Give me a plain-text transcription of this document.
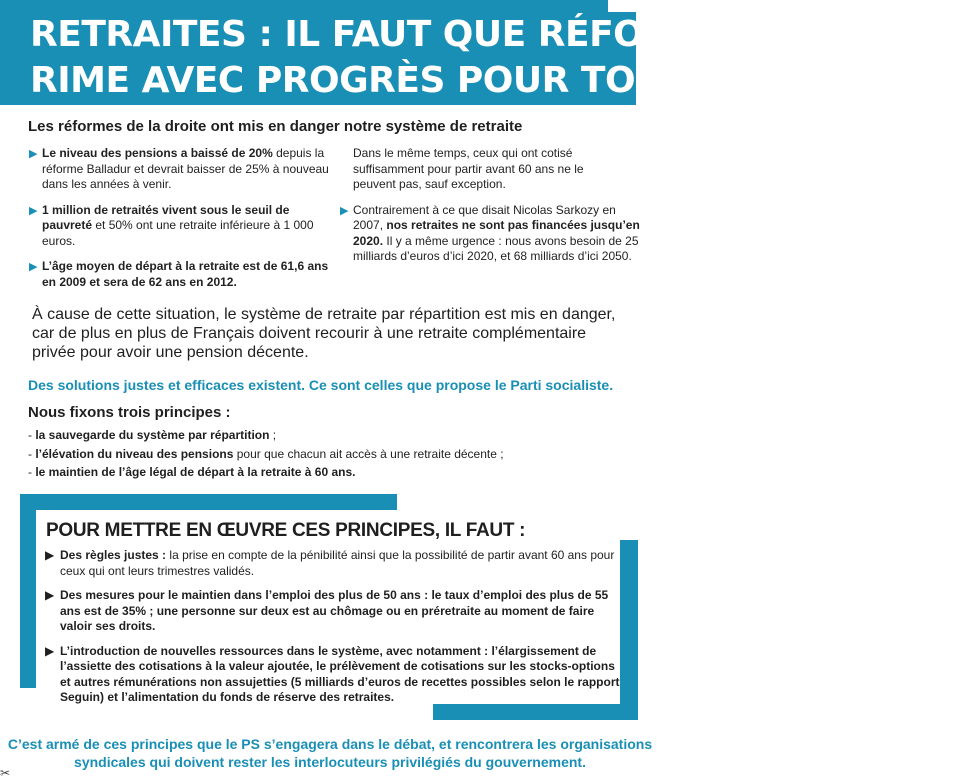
RETRAITES : IL FAUT QUE RÉFORME
RIME AVEC PROGRÈS POUR TOUS
Les réformes de la droite ont mis en danger notre système de retraite
▶ Le niveau des pensions a baissé de 20% depuis la réforme Balladur et devrait baisser de 25% à nouveau dans les années à venir.
▶ 1 million de retraités vivent sous le seuil de pauvreté et 50% ont une retraite inférieure à 1 000 euros.
▶ L’âge moyen de départ à la retraite est de 61,6 ans en 2009 et sera de 62 ans en 2012.
Dans le même temps, ceux qui ont cotisé suffisamment pour partir avant 60 ans ne le peuvent pas, sauf exception.
▶ Contrairement à ce que disait Nicolas Sarkozy en 2007, nos retraites ne sont pas financées jusqu’en 2020. Il y a même urgence : nous avons besoin de 25 milliards d’euros d’ici 2020, et 68 milliards d’ici 2050.
À cause de cette situation, le système de retraite par répartition est mis en danger, car de plus en plus de Français doivent recourir à une retraite complémentaire privée pour avoir une pension décente.
Des solutions justes et efficaces existent. Ce sont celles que propose le Parti socialiste.
Nous fixons trois principes :
- la sauvegarde du système par répartition ;
- l’élévation du niveau des pensions pour que chacun ait accès à une retraite décente ;
- le maintien de l’âge légal de départ à la retraite à 60 ans.
POUR METTRE EN ŒUVRE CES PRINCIPES, IL FAUT :
▶ Des règles justes : la prise en compte de la pénibilité ainsi que la possibilité de partir avant 60 ans pour ceux qui ont leurs trimestres validés.
▶ Des mesures pour le maintien dans l’emploi des plus de 50 ans : le taux d’emploi des plus de 55 ans est de 35% ; une personne sur deux est au chômage ou en préretraite au moment de faire valoir ses droits.
▶ L’introduction de nouvelles ressources dans le système, avec notamment : l’élargissement de l’assiette des cotisations à la valeur ajoutée, le prélèvement de cotisations sur les stocks-options et autres rémunérations non assujetties (5 milliards d’euros de recettes possibles selon le rapport Seguin) et l’alimentation du fonds de réserve des retraites.
C’est armé de ces principes que le PS s’engagera dans le débat, et rencontrera les organisations syndicales qui doivent rester les interlocuteurs privilégiés du gouvernement.
✂
